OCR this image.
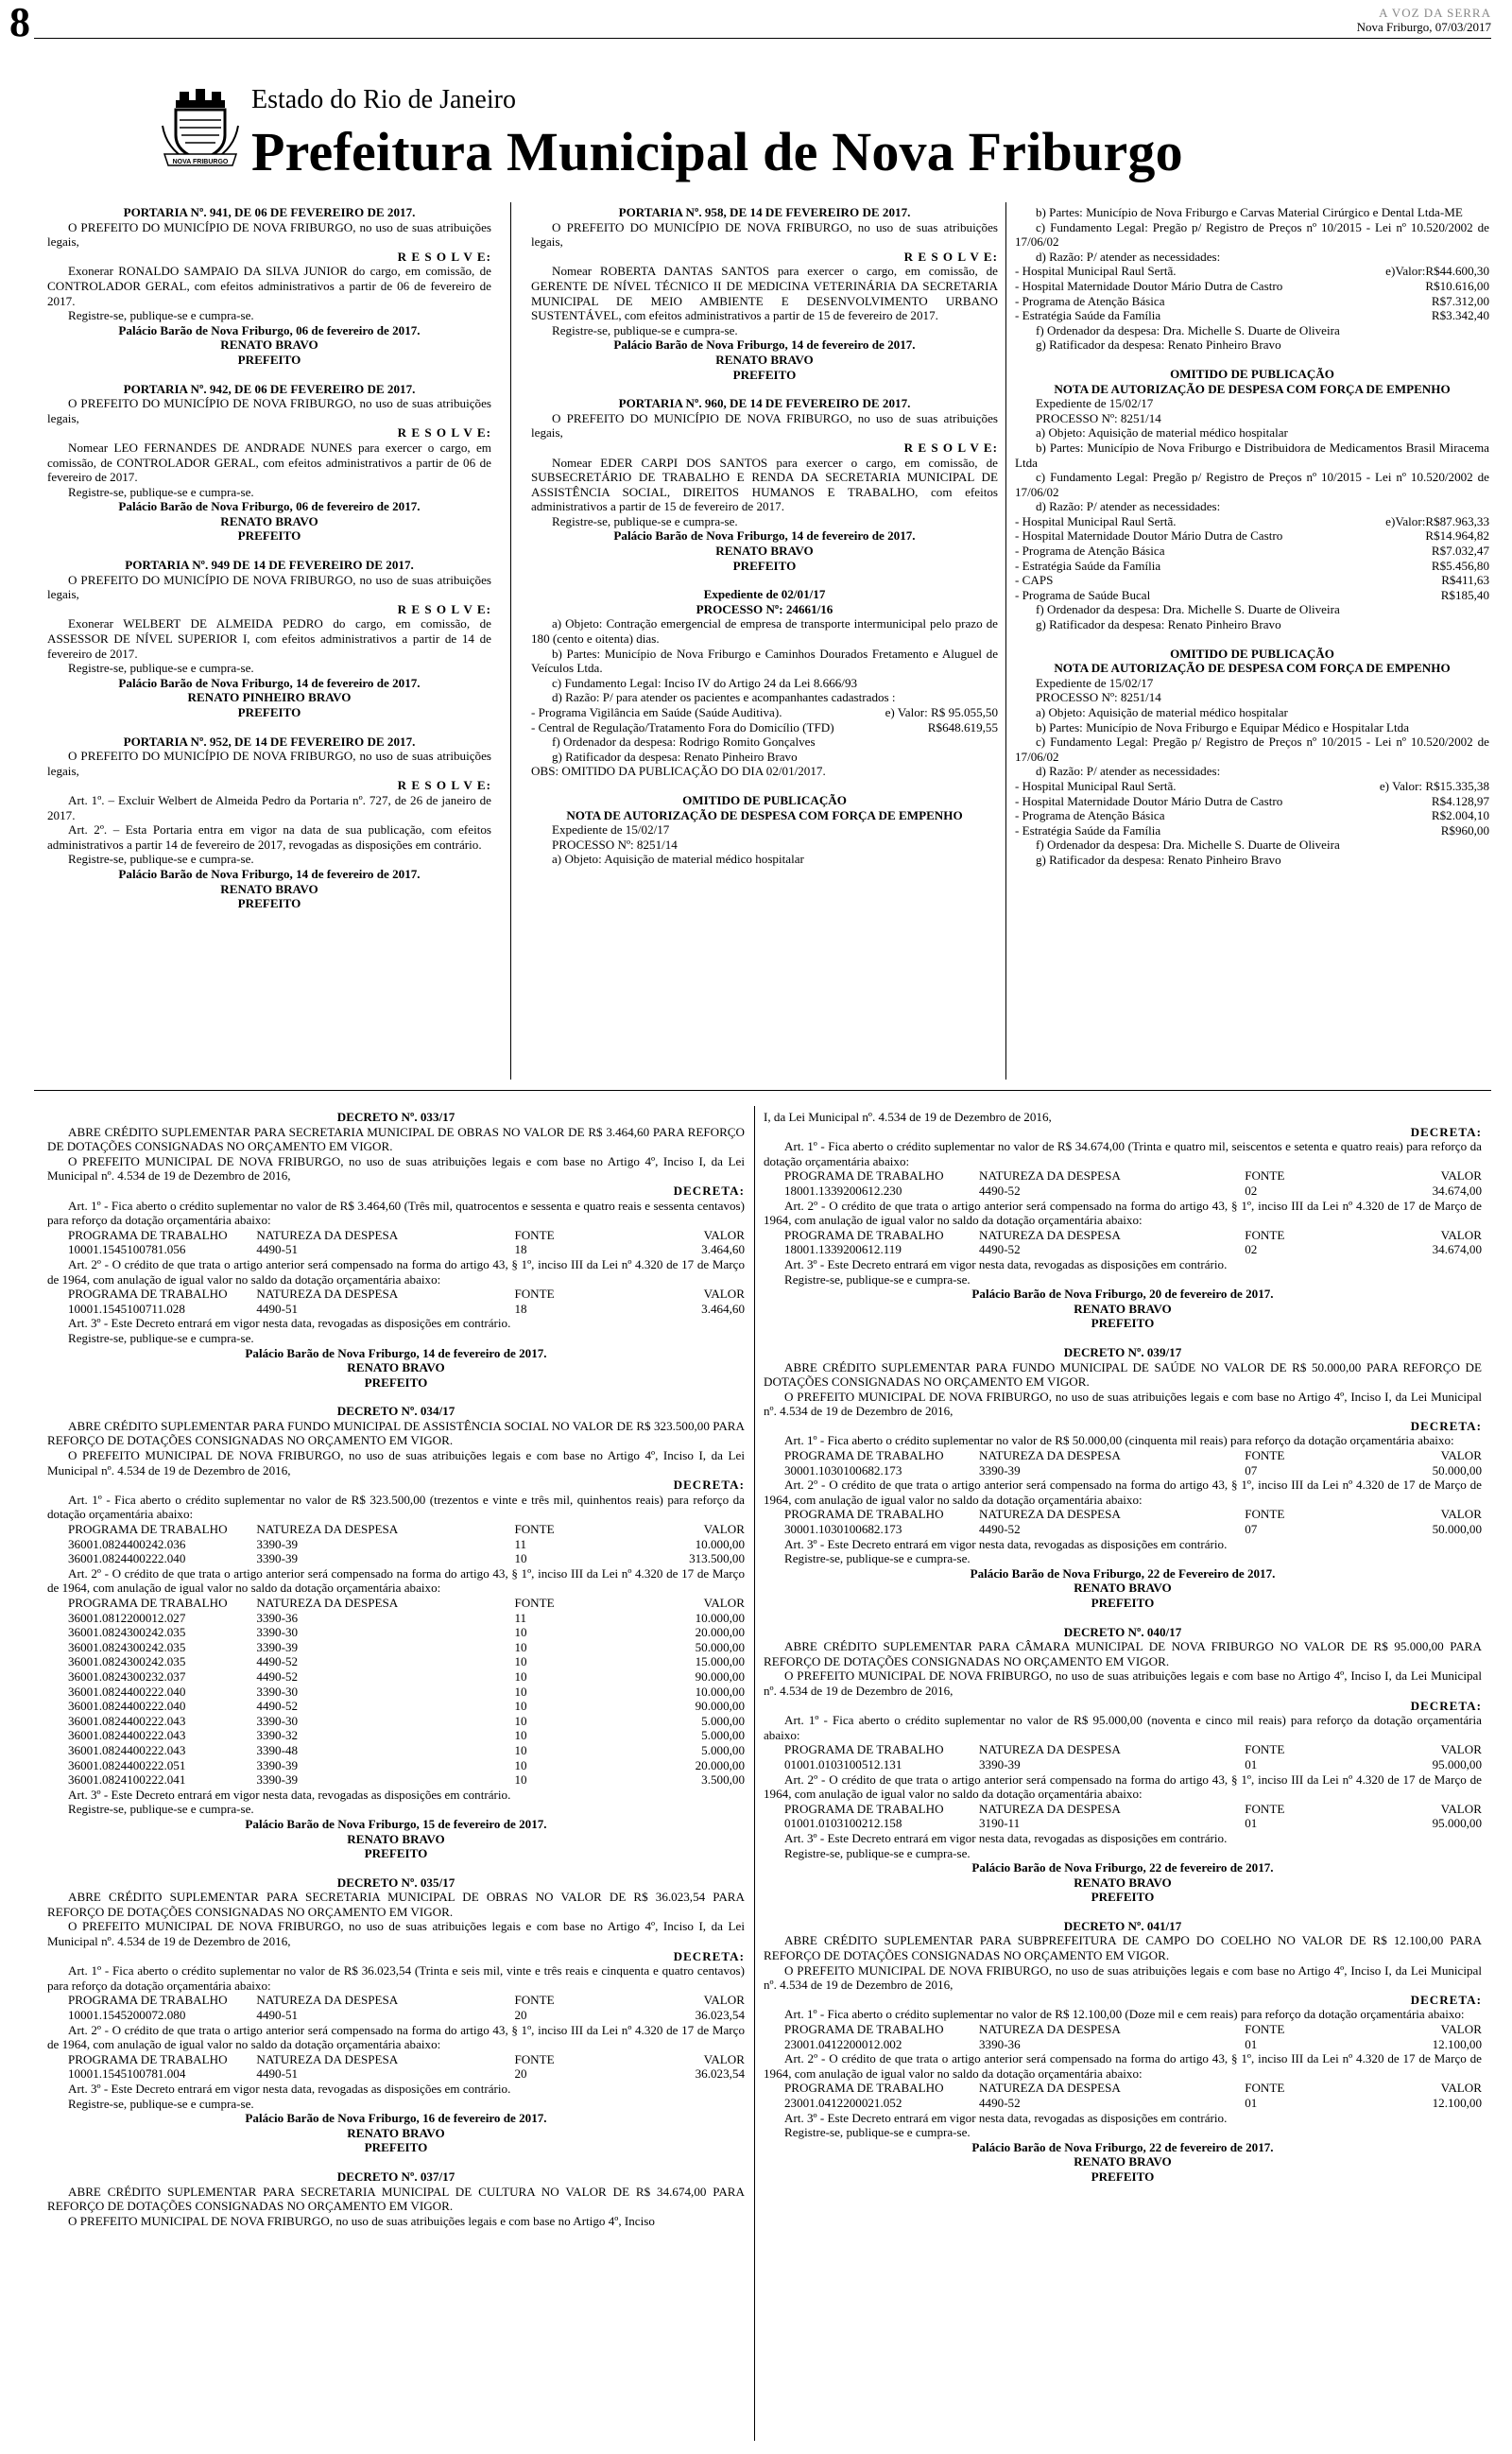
8	A VOZ DA SERRA
Nova Friburgo, 07/03/2017
NOVA FRIBURGO
Estado do Rio de Janeiro
Prefeitura Municipal de Nova Friburgo
PORTARIA Nº. 941, DE 06 DE FEVEREIRO DE 2017.
O PREFEITO DO MUNICÍPIO DE NOVA FRIBURGO, no uso de suas atribuições legais,
R E S O L V E:
Exonerar RONALDO SAMPAIO DA SILVA JUNIOR do cargo, em comissão, de CONTROLADOR GERAL, com efeitos administrativos a partir de 06 de fevereiro de 2017.
Registre-se, publique-se e cumpra-se.
Palácio Barão de Nova Friburgo, 06 de fevereiro de 2017.
RENATO BRAVO
PREFEITO
PORTARIA Nº. 942, DE 06 DE FEVEREIRO DE 2017.
O PREFEITO DO MUNICÍPIO DE NOVA FRIBURGO, no uso de suas atribuições legais,
R E S O L V E:
Nomear LEO FERNANDES DE ANDRADE NUNES para exercer o cargo, em comissão, de CONTROLADOR GERAL, com efeitos administrativos a partir de 06 de fevereiro de 2017.
Registre-se, publique-se e cumpra-se.
Palácio Barão de Nova Friburgo, 06 de fevereiro de 2017.
RENATO BRAVO
PREFEITO
PORTARIA Nº. 949 DE 14 DE FEVEREIRO DE 2017.
O PREFEITO DO MUNICÍPIO DE NOVA FRIBURGO, no uso de suas atribuições legais,
R E S O L V E:
Exonerar WELBERT DE ALMEIDA PEDRO do cargo, em comissão, de ASSESSOR DE NÍVEL SUPERIOR I, com efeitos administrativos a partir de 14 de fevereiro de 2017.
Registre-se, publique-se e cumpra-se.
Palácio Barão de Nova Friburgo, 14 de fevereiro de 2017.
RENATO PINHEIRO BRAVO
PREFEITO
PORTARIA Nº. 952, DE 14 DE FEVEREIRO DE 2017.
O PREFEITO DO MUNICÍPIO DE NOVA FRIBURGO, no uso de suas atribuições legais,
R E S O L V E:
Art. 1º. – Excluir Welbert de Almeida Pedro da Portaria nº. 727, de 26 de janeiro de 2017.
Art. 2º. – Esta Portaria entra em vigor na data de sua publicação, com efeitos administrativos a partir 14 de fevereiro de 2017, revogadas as disposições em contrário.
Registre-se, publique-se e cumpra-se.
Palácio Barão de Nova Friburgo, 14 de fevereiro de 2017.
RENATO BRAVO
PREFEITO
PORTARIA Nº. 958, DE 14 DE FEVEREIRO DE 2017.
O PREFEITO DO MUNICÍPIO DE NOVA FRIBURGO, no uso de suas atribuições legais,
R E S O L V E:
Nomear ROBERTA DANTAS SANTOS para exercer o cargo, em comissão, de GERENTE DE NÍVEL TÉCNICO II DE MEDICINA VETERINÁRIA DA SECRETARIA MUNICIPAL DE MEIO AMBIENTE E DESENVOLVIMENTO URBANO SUSTENTÁVEL, com efeitos administrativos a partir de 15 de fevereiro de 2017.
Registre-se, publique-se e cumpra-se.
Palácio Barão de Nova Friburgo, 14 de fevereiro de 2017.
RENATO BRAVO
PREFEITO
PORTARIA Nº. 960, DE 14 DE FEVEREIRO DE 2017.
O PREFEITO DO MUNICÍPIO DE NOVA FRIBURGO, no uso de suas atribuições legais,
R E S O L V E:
Nomear EDER CARPI DOS SANTOS para exercer o cargo, em comissão, de SUBSECRETÁRIO DE TRABALHO E RENDA DA SECRETARIA MUNICIPAL DE ASSISTÊNCIA SOCIAL, DIREITOS HUMANOS E TRABALHO, com efeitos administrativos a partir de 15 de fevereiro de 2017.
Registre-se, publique-se e cumpra-se.
Palácio Barão de Nova Friburgo, 14 de fevereiro de 2017.
RENATO BRAVO
PREFEITO
Expediente de 02/01/17
PROCESSO Nº: 24661/16
a) Objeto: Contração emergencial de empresa de transporte intermunicipal pelo prazo de 180 (cento e oitenta) dias.
b) Partes: Município de Nova Friburgo e Caminhos Dourados Fretamento e Aluguel de Veículos Ltda.
c) Fundamento Legal: Inciso IV do Artigo 24 da Lei 8.666/93
d) Razão: P/ para atender os pacientes e acompanhantes cadastrados :
- Programa Vigilância em Saúde (Saúde Auditiva).	e) Valor: R$ 95.055,50
- Central de Regulação/Tratamento Fora do Domicílio (TFD)	R$648.619,55
f) Ordenador da despesa: Rodrigo Romito Gonçalves
g) Ratificador da despesa: Renato Pinheiro Bravo
OBS: OMITIDO DA PUBLICAÇÃO DO DIA 02/01/2017.
OMITIDO DE PUBLICAÇÃO
NOTA DE AUTORIZAÇÃO DE DESPESA COM FORÇA DE EMPENHO
Expediente de 15/02/17
PROCESSO Nº: 8251/14
a) Objeto: Aquisição de material médico hospitalar
b) Partes: Município de Nova Friburgo e Carvas Material Cirúrgico e Dental Ltda-ME
c) Fundamento Legal: Pregão p/ Registro de Preços nº 10/2015 - Lei nº 10.520/2002 de 17/06/02
d) Razão: P/ atender as necessidades:
- Hospital Municipal Raul Sertã.	e)Valor:R$44.600,30
- Hospital Maternidade Doutor Mário Dutra de Castro	R$10.616,00
- Programa de Atenção Básica	R$7.312,00
- Estratégia Saúde da Família	R$3.342,40
f) Ordenador da despesa: Dra. Michelle S. Duarte de Oliveira
g) Ratificador da despesa: Renato Pinheiro Bravo
OMITIDO DE PUBLICAÇÃO
NOTA DE AUTORIZAÇÃO DE DESPESA COM FORÇA DE EMPENHO
Expediente de 15/02/17
PROCESSO Nº: 8251/14
a) Objeto: Aquisição de material médico hospitalar
b) Partes: Município de Nova Friburgo e Distribuidora de Medicamentos Brasil Miracema Ltda
c) Fundamento Legal: Pregão p/ Registro de Preços nº 10/2015 - Lei nº 10.520/2002 de 17/06/02
d) Razão: P/ atender as necessidades:
- Hospital Municipal Raul Sertã.	e)Valor:R$87.963,33
- Hospital Maternidade Doutor Mário Dutra de Castro	R$14.964,82
- Programa de Atenção Básica	R$7.032,47
- Estratégia Saúde da Família	R$5.456,80
- CAPS	R$411,63
- Programa de Saúde Bucal	R$185,40
f) Ordenador da despesa: Dra. Michelle S. Duarte de Oliveira
g) Ratificador da despesa: Renato Pinheiro Bravo
OMITIDO DE PUBLICAÇÃO
NOTA DE AUTORIZAÇÃO DE DESPESA COM FORÇA DE EMPENHO
Expediente de 15/02/17
PROCESSO Nº: 8251/14
a) Objeto: Aquisição de material médico hospitalar
b) Partes: Município de Nova Friburgo e Equipar Médico e Hospitalar Ltda
c) Fundamento Legal: Pregão p/ Registro de Preços nº 10/2015 - Lei nº 10.520/2002 de 17/06/02
d) Razão: P/ atender as necessidades:
- Hospital Municipal Raul Sertã.	e) Valor: R$15.335,38
- Hospital Maternidade Doutor Mário Dutra de Castro	R$4.128,97
- Programa de Atenção Básica	R$2.004,10
- Estratégia Saúde da Família	R$960,00
f) Ordenador da despesa: Dra. Michelle S. Duarte de Oliveira
g) Ratificador da despesa: Renato Pinheiro Bravo
DECRETO Nº. 033/17
ABRE CRÉDITO SUPLEMENTAR PARA SECRETARIA MUNICIPAL DE OBRAS NO VALOR DE R$ 3.464,60 PARA REFORÇO DE DOTAÇÕES CONSIGNADAS NO ORÇAMENTO EM VIGOR.
O PREFEITO MUNICIPAL DE NOVA FRIBURGO, no uso de suas atribuições legais e com base no Artigo 4º, Inciso I, da Lei Municipal nº. 4.534 de 19 de Dezembro de 2016,
DECRETA:
Art. 1º - Fica aberto o crédito suplementar no valor de R$ 3.464,60 (Três mil, quatrocentos e sessenta e quatro reais e sessenta centavos) para reforço da dotação orçamentária abaixo:
PROGRAMA DE TRABALHO	NATUREZA DA DESPESA	FONTE	VALOR
10001.1545100781.056	4490-51	18	3.464,60
Art. 2º - O crédito de que trata o artigo anterior será compensado na forma do artigo 43, § 1º, inciso III da Lei nº 4.320 de 17 de Março de 1964, com anulação de igual valor no saldo da dotação orçamentária abaixo:
PROGRAMA DE TRABALHO	NATUREZA DA DESPESA	FONTE	VALOR
10001.1545100711.028	4490-51	18	3.464,60
Art. 3º - Este Decreto entrará em vigor nesta data, revogadas as disposições em contrário.
Registre-se, publique-se e cumpra-se.
Palácio Barão de Nova Friburgo, 14 de fevereiro de 2017.
RENATO BRAVO
PREFEITO
DECRETO Nº. 034/17
ABRE CRÉDITO SUPLEMENTAR PARA FUNDO MUNICIPAL DE ASSISTÊNCIA SOCIAL NO VALOR DE R$ 323.500,00 PARA REFORÇO DE DOTAÇÕES CONSIGNADAS NO ORÇAMENTO EM VIGOR.
O PREFEITO MUNICIPAL DE NOVA FRIBURGO, no uso de suas atribuições legais e com base no Artigo 4º, Inciso I, da Lei Municipal nº. 4.534 de 19 de Dezembro de 2016,
DECRETA:
Art. 1º - Fica aberto o crédito suplementar no valor de R$ 323.500,00 (trezentos e vinte e três mil, quinhentos reais) para reforço da dotação orçamentária abaixo:
PROGRAMA DE TRABALHO	NATUREZA DA DESPESA	FONTE	VALOR
36001.0824400242.036	3390-39	11	10.000,00
36001.0824400222.040	3390-39	10	313.500,00
Art. 2º - O crédito de que trata o artigo anterior será compensado na forma do artigo 43, § 1º, inciso III da Lei nº 4.320 de 17 de Março de 1964, com anulação de igual valor no saldo da dotação orçamentária abaixo:
PROGRAMA DE TRABALHO	NATUREZA DA DESPESA	FONTE	VALOR
36001.0812200012.027	3390-36	11	10.000,00
36001.0824300242.035	3390-30	10	20.000,00
36001.0824300242.035	3390-39	10	50.000,00
36001.0824300242.035	4490-52	10	15.000,00
36001.0824300232.037	4490-52	10	90.000,00
36001.0824400222.040	3390-30	10	10.000,00
36001.0824400222.040	4490-52	10	90.000,00
36001.0824400222.043	3390-30	10	5.000,00
36001.0824400222.043	3390-32	10	5.000,00
36001.0824400222.043	3390-48	10	5.000,00
36001.0824400222.051	3390-39	10	20.000,00
36001.0824100222.041	3390-39	10	3.500,00
Art. 3º - Este Decreto entrará em vigor nesta data, revogadas as disposições em contrário.
Registre-se, publique-se e cumpra-se.
Palácio Barão de Nova Friburgo, 15 de fevereiro de 2017.
RENATO BRAVO
PREFEITO
DECRETO Nº. 035/17
ABRE CRÉDITO SUPLEMENTAR PARA SECRETARIA MUNICIPAL DE OBRAS NO VALOR DE R$ 36.023,54 PARA REFORÇO DE DOTAÇÕES CONSIGNADAS NO ORÇAMENTO EM VIGOR.
O PREFEITO MUNICIPAL DE NOVA FRIBURGO, no uso de suas atribuições legais e com base no Artigo 4º, Inciso I, da Lei Municipal nº. 4.534 de 19 de Dezembro de 2016,
DECRETA:
Art. 1º - Fica aberto o crédito suplementar no valor de R$ 36.023,54 (Trinta e seis mil, vinte e três reais e cinquenta e quatro centavos) para reforço da dotação orçamentária abaixo:
PROGRAMA DE TRABALHO	NATUREZA DA DESPESA	FONTE	VALOR
10001.1545200072.080	4490-51	20	36.023,54
Art. 2º - O crédito de que trata o artigo anterior será compensado na forma do artigo 43, § 1º, inciso III da Lei nº 4.320 de 17 de Março de 1964, com anulação de igual valor no saldo da dotação orçamentária abaixo:
PROGRAMA DE TRABALHO	NATUREZA DA DESPESA	FONTE	VALOR
10001.1545100781.004	4490-51	20	36.023,54
Art. 3º - Este Decreto entrará em vigor nesta data, revogadas as disposições em contrário.
Registre-se, publique-se e cumpra-se.
Palácio Barão de Nova Friburgo, 16 de fevereiro de 2017.
RENATO BRAVO
PREFEITO
DECRETO Nº. 037/17
ABRE CRÉDITO SUPLEMENTAR PARA SECRETARIA MUNICIPAL DE CULTURA NO VALOR DE R$ 34.674,00 PARA REFORÇO DE DOTAÇÕES CONSIGNADAS NO ORÇAMENTO EM VIGOR.
O PREFEITO MUNICIPAL DE NOVA FRIBURGO, no uso de suas atribuições legais e com base no Artigo 4º, Inciso
I, da Lei Municipal nº. 4.534 de 19 de Dezembro de 2016,
DECRETA:
Art. 1º - Fica aberto o crédito suplementar no valor de R$ 34.674,00 (Trinta e quatro mil, seiscentos e setenta e quatro reais) para reforço da dotação orçamentária abaixo:
PROGRAMA DE TRABALHO	NATUREZA DA DESPESA	FONTE	VALOR
18001.1339200612.230	4490-52	02	34.674,00
Art. 2º - O crédito de que trata o artigo anterior será compensado na forma do artigo 43, § 1º, inciso III da Lei nº 4.320 de 17 de Março de 1964, com anulação de igual valor no saldo da dotação orçamentária abaixo:
PROGRAMA DE TRABALHO	NATUREZA DA DESPESA	FONTE	VALOR
18001.1339200612.119	4490-52	02	34.674,00
Art. 3º - Este Decreto entrará em vigor nesta data, revogadas as disposições em contrário.
Registre-se, publique-se e cumpra-se.
Palácio Barão de Nova Friburgo, 20 de fevereiro de 2017.
RENATO BRAVO
PREFEITO
DECRETO Nº. 039/17
ABRE CRÉDITO SUPLEMENTAR PARA FUNDO MUNICIPAL DE SAÚDE NO VALOR DE R$ 50.000,00 PARA REFORÇO DE DOTAÇÕES CONSIGNADAS NO ORÇAMENTO EM VIGOR.
O PREFEITO MUNICIPAL DE NOVA FRIBURGO, no uso de suas atribuições legais e com base no Artigo 4º, Inciso I, da Lei Municipal nº. 4.534 de 19 de Dezembro de 2016,
DECRETA:
Art. 1º - Fica aberto o crédito suplementar no valor de R$ 50.000,00 (cinquenta mil reais) para reforço da dotação orçamentária abaixo:
PROGRAMA DE TRABALHO	NATUREZA DA DESPESA	FONTE	VALOR
30001.1030100682.173	3390-39	07	50.000,00
Art. 2º - O crédito de que trata o artigo anterior será compensado na forma do artigo 43, § 1º, inciso III da Lei nº 4.320 de 17 de Março de 1964, com anulação de igual valor no saldo da dotação orçamentária abaixo:
PROGRAMA DE TRABALHO	NATUREZA DA DESPESA	FONTE	VALOR
30001.1030100682.173	4490-52	07	50.000,00
Art. 3º - Este Decreto entrará em vigor nesta data, revogadas as disposições em contrário.
Registre-se, publique-se e cumpra-se.
Palácio Barão de Nova Friburgo, 22 de Fevereiro de 2017.
RENATO BRAVO
PREFEITO
DECRETO Nº. 040/17
ABRE CRÉDITO SUPLEMENTAR PARA CÂMARA MUNICIPAL DE NOVA FRIBURGO NO VALOR DE R$ 95.000,00 PARA REFORÇO DE DOTAÇÕES CONSIGNADAS NO ORÇAMENTO EM VIGOR.
O PREFEITO MUNICIPAL DE NOVA FRIBURGO, no uso de suas atribuições legais e com base no Artigo 4º, Inciso I, da Lei Municipal nº. 4.534 de 19 de Dezembro de 2016,
DECRETA:
Art. 1º - Fica aberto o crédito suplementar no valor de R$ 95.000,00 (noventa e cinco mil reais) para reforço da dotação orçamentária abaixo:
PROGRAMA DE TRABALHO	NATUREZA DA DESPESA	FONTE	VALOR
01001.0103100512.131	3390-39	01	95.000,00
Art. 2º - O crédito de que trata o artigo anterior será compensado na forma do artigo 43, § 1º, inciso III da Lei nº 4.320 de 17 de Março de 1964, com anulação de igual valor no saldo da dotação orçamentária abaixo:
PROGRAMA DE TRABALHO	NATUREZA DA DESPESA	FONTE	VALOR
01001.0103100212.158	3190-11	01	95.000,00
Art. 3º - Este Decreto entrará em vigor nesta data, revogadas as disposições em contrário.
Registre-se, publique-se e cumpra-se.
Palácio Barão de Nova Friburgo, 22 de fevereiro de 2017.
RENATO BRAVO
PREFEITO
DECRETO Nº. 041/17
ABRE CRÉDITO SUPLEMENTAR PARA SUBPREFEITURA DE CAMPO DO COELHO NO VALOR DE R$ 12.100,00 PARA REFORÇO DE DOTAÇÕES CONSIGNADAS NO ORÇAMENTO EM VIGOR.
O PREFEITO MUNICIPAL DE NOVA FRIBURGO, no uso de suas atribuições legais e com base no Artigo 4º, Inciso I, da Lei Municipal nº. 4.534 de 19 de Dezembro de 2016,
DECRETA:
Art. 1º - Fica aberto o crédito suplementar no valor de R$ 12.100,00 (Doze mil e cem reais) para reforço da dotação orçamentária abaixo:
PROGRAMA DE TRABALHO	NATUREZA DA DESPESA	FONTE	VALOR
23001.0412200012.002	3390-36	01	12.100,00
Art. 2º - O crédito de que trata o artigo anterior será compensado na forma do artigo 43, § 1º, inciso III da Lei nº 4.320 de 17 de Março de 1964, com anulação de igual valor no saldo da dotação orçamentária abaixo:
PROGRAMA DE TRABALHO	NATUREZA DA DESPESA	FONTE	VALOR
23001.0412200021.052	4490-52	01	12.100,00
Art. 3º - Este Decreto entrará em vigor nesta data, revogadas as disposições em contrário.
Registre-se, publique-se e cumpra-se.
Palácio Barão de Nova Friburgo, 22 de fevereiro de 2017.
RENATO BRAVO
PREFEITO
